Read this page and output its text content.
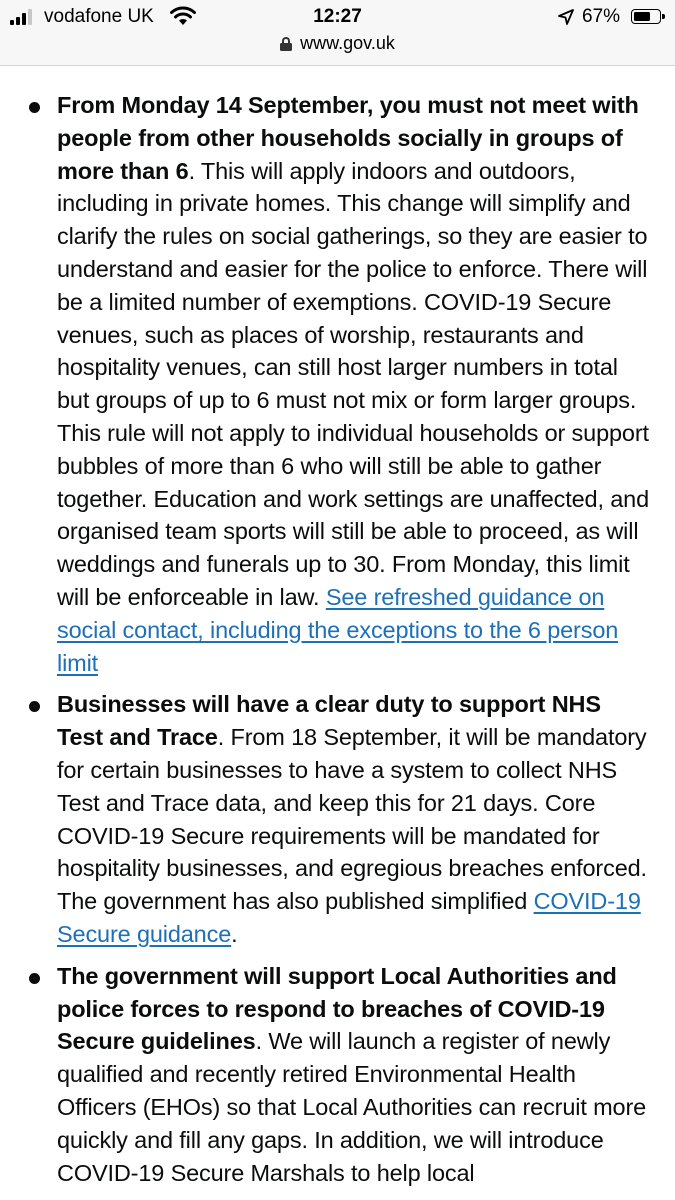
vodafone UK	12:27	67%
www.gov.uk

From Monday 14 September, you must not meet with people from other households socially in groups of more than 6. This will apply indoors and outdoors, including in private homes. This change will simplify and clarify the rules on social gatherings, so they are easier to understand and easier for the police to enforce. There will be a limited number of exemptions. COVID-19 Secure venues, such as places of worship, restaurants and hospitality venues, can still host larger numbers in total but groups of up to 6 must not mix or form larger groups. This rule will not apply to individual households or support bubbles of more than 6 who will still be able to gather together. Education and work settings are unaffected, and organised team sports will still be able to proceed, as will weddings and funerals up to 30. From Monday, this limit will be enforceable in law. See refreshed guidance on social contact, including the exceptions to the 6 person limit

Businesses will have a clear duty to support NHS Test and Trace. From 18 September, it will be mandatory for certain businesses to have a system to collect NHS Test and Trace data, and keep this for 21 days. Core COVID-19 Secure requirements will be mandated for hospitality businesses, and egregious breaches enforced. The government has also published simplified COVID-19 Secure guidance.

The government will support Local Authorities and police forces to respond to breaches of COVID-19 Secure guidelines. We will launch a register of newly qualified and recently retired Environmental Health Officers (EHOs) so that Local Authorities can recruit more quickly and fill any gaps. In addition, we will introduce COVID-19 Secure Marshals to help local
